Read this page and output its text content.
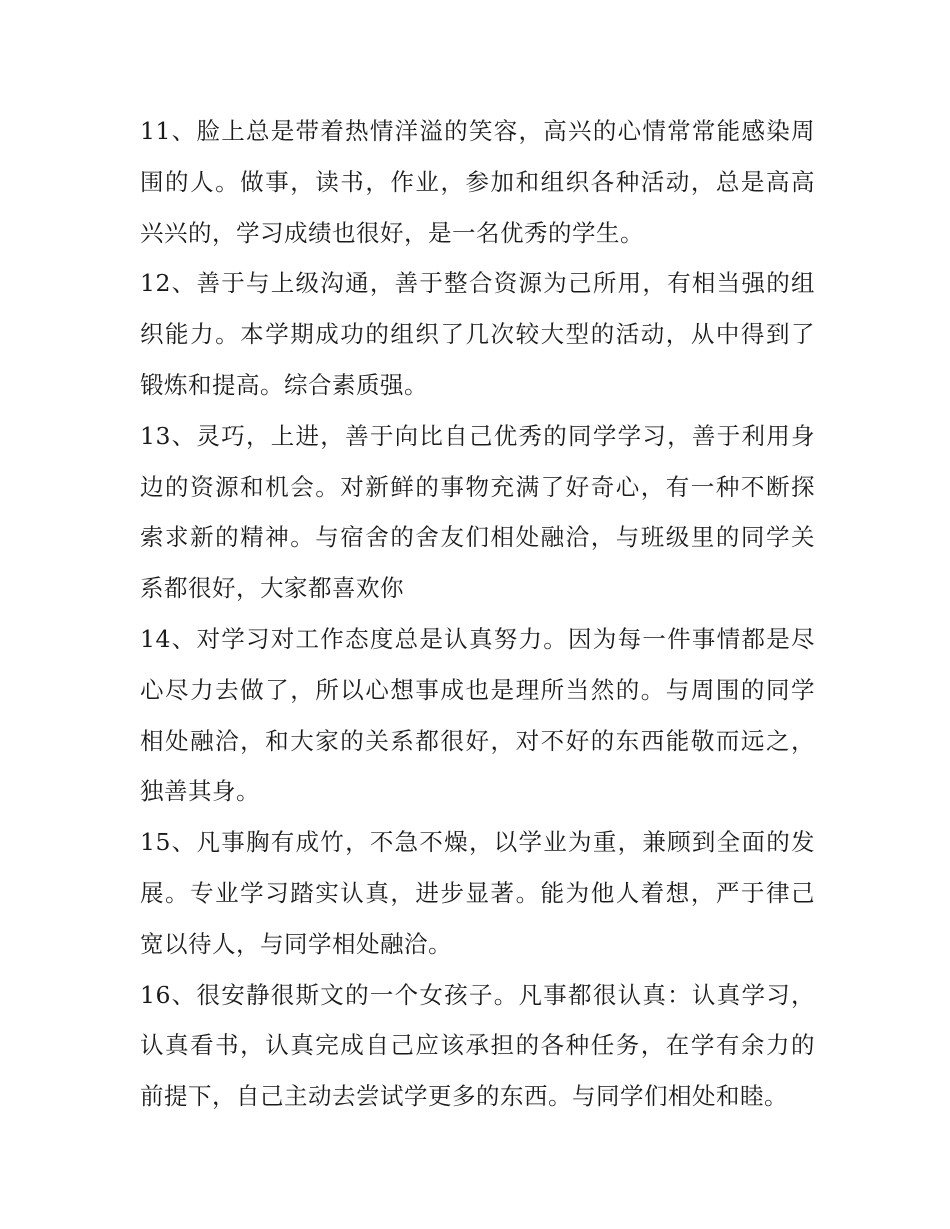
11、脸上总是带着热情洋溢的笑容，高兴的心情常常能感染周
围的人。做事，读书，作业，参加和组织各种活动，总是高高
兴兴的，学习成绩也很好，是一名优秀的学生。
12、善于与上级沟通，善于整合资源为己所用，有相当强的组
织能力。本学期成功的组织了几次较大型的活动，从中得到了
锻炼和提高。综合素质强。
13、灵巧，上进，善于向比自己优秀的同学学习，善于利用身
边的资源和机会。对新鲜的事物充满了好奇心，有一种不断探
索求新的精神。与宿舍的舍友们相处融洽，与班级里的同学关
系都很好，大家都喜欢你
14、对学习对工作态度总是认真努力。因为每一件事情都是尽
心尽力去做了，所以心想事成也是理所当然的。与周围的同学
相处融洽，和大家的关系都很好，对不好的东西能敬而远之，
独善其身。
15、凡事胸有成竹，不急不燥，以学业为重，兼顾到全面的发
展。专业学习踏实认真，进步显著。能为他人着想，严于律己
宽以待人，与同学相处融洽。
16、很安静很斯文的一个女孩子。凡事都很认真：认真学习，
认真看书，认真完成自己应该承担的各种任务，在学有余力的
前提下，自己主动去尝试学更多的东西。与同学们相处和睦。
